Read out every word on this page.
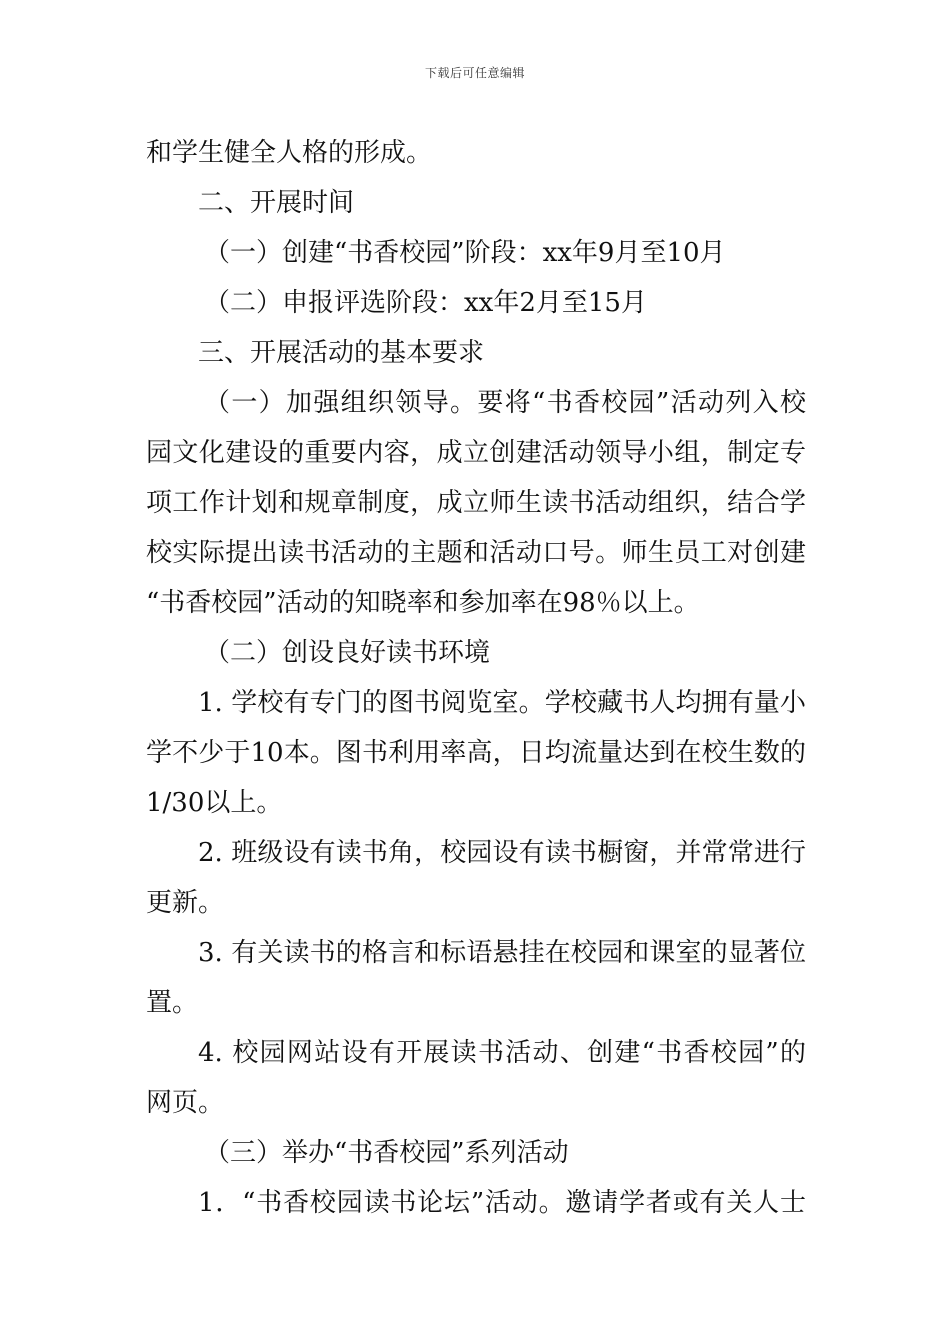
下载后可任意编辑
和学生健全人格的形成。
二、开展时间
（一）创建“书香校园”阶段：xx年9月至10月
（二）申报评选阶段：xx年2月至15月
三、开展活动的基本要求
（一）加强组织领导。要将“书香校园”活动列入校
园文化建设的重要内容，成立创建活动领导小组，制定专
项工作计划和规章制度，成立师生读书活动组织，结合学
校实际提出读书活动的主题和活动口号。师生员工对创建
“书香校园”活动的知晓率和参加率在98％以上。
（二）创设良好读书环境
1. 学校有专门的图书阅览室。学校藏书人均拥有量小
学不少于10本。图书利用率高，日均流量达到在校生数的
1/30以上。
2. 班级设有读书角，校园设有读书橱窗，并常常进行
更新。
3. 有关读书的格言和标语悬挂在校园和课室的显著位
置。
4. 校园网站设有开展读书活动、创建“书香校园”的
网页。
（三）举办“书香校园”系列活动
1．“书香校园读书论坛”活动。邀请学者或有关人士
